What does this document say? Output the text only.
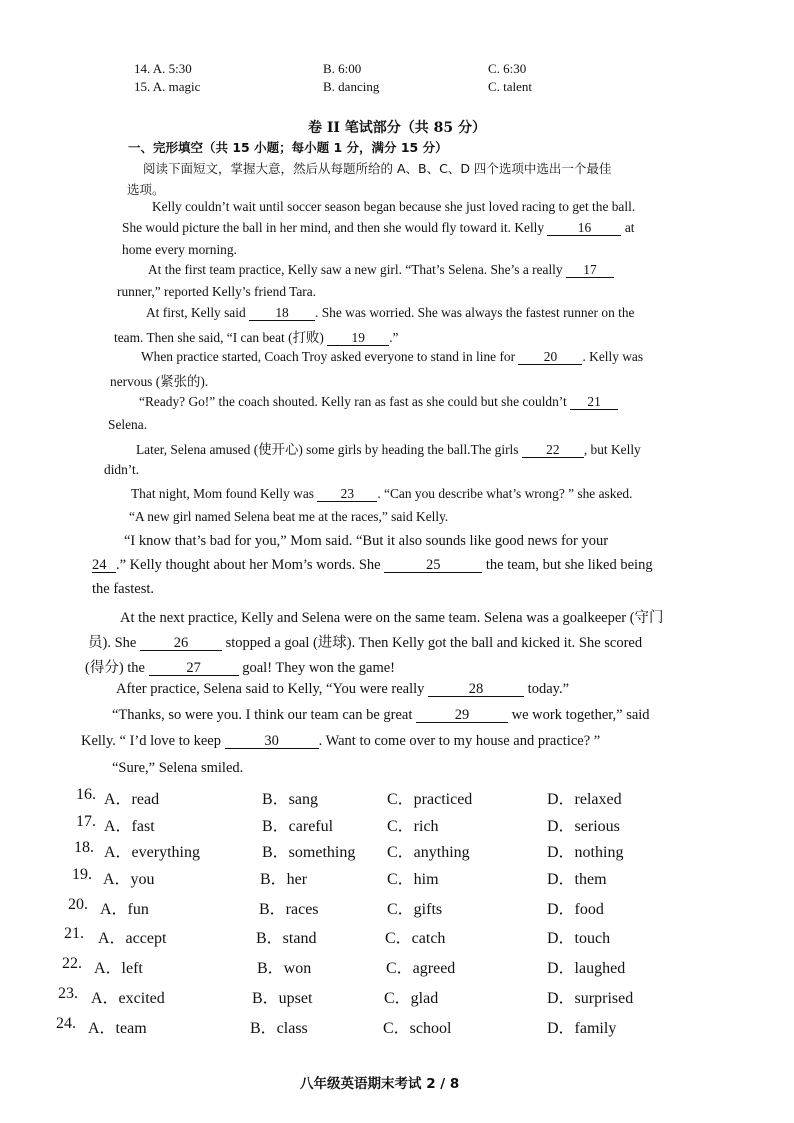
14. A. 5:30	B. 6:00	C. 6:30
15. A. magic	B. dancing	C. talent
卷 II 笔试部分（共 85 分）
一、完形填空（共 15 小题；每小题 1 分，满分 15 分）
阅读下面短文，掌握大意，然后从每题所给的 A、B、C、D 四个选项中选出一个最佳
选项。
Kelly couldn’t wait until soccer season began because she just loved racing to get the ball.
She would picture the ball in her mind, and then she would fly toward it. Kelly	16	at
home every morning.
At the first team practice, Kelly saw a new girl. “That’s Selena. She’s a really 17
runner,” reported Kelly’s friend Tara.
At first, Kelly said 18 . She was worried. She was always the fastest runner on the
team. Then she said, “I can beat (打败) 19 .”
When practice started, Coach Troy asked everyone to stand in line for 20 . Kelly was
nervous (紧张的).
“Ready? Go!” the coach shouted. Kelly ran as fast as she could but she couldn’t 21
Selena.
Later, Selena amused (使开心) some girls by heading the ball.The girls 22 , but Kelly
didn’t.
That night, Mom found Kelly was 23 . “Can you describe what’s wrong? ” she asked.
“A new girl named Selena beat me at the races,” said Kelly.
“I know that’s bad for you,” Mom said. “But it also sounds like good news for your
24 .” Kelly thought about her Mom’s words. She	25	the team, but she liked being
the fastest.
At the next practice, Kelly and Selena were on the same team. Selena was a goalkeeper (守门
员). She	26	stopped a goal (进球). Then Kelly got the ball and kicked it. She scored
(得分) the	27	goal! They won the game!
After practice, Selena said to Kelly, “You were really	28	today.”
“Thanks, so were you. I think our team can be great	29	we work together,” said
Kelly. “ I’d love to keep	30	. Want to come over to my house and practice? ”
“Sure,” Selena smiled.
16. A．read	B．sang	C．practiced	D．relaxed
17. A．fast	B．careful	C．rich	D．serious
18. A．everything	B．something C．anything	D．nothing
19. A．you	B．her	C．him	D．them
20. A．fun	B．races	C．gifts	D．food
21. A．accept	B．stand	C．catch	D．touch
22. A．left	B．won	C．agreed	D．laughed
23. A．excited	B．upset	C．glad	D．surprised
24. A．team	B．class	C．school	D．family
八年级英语期末考试 2 / 8
